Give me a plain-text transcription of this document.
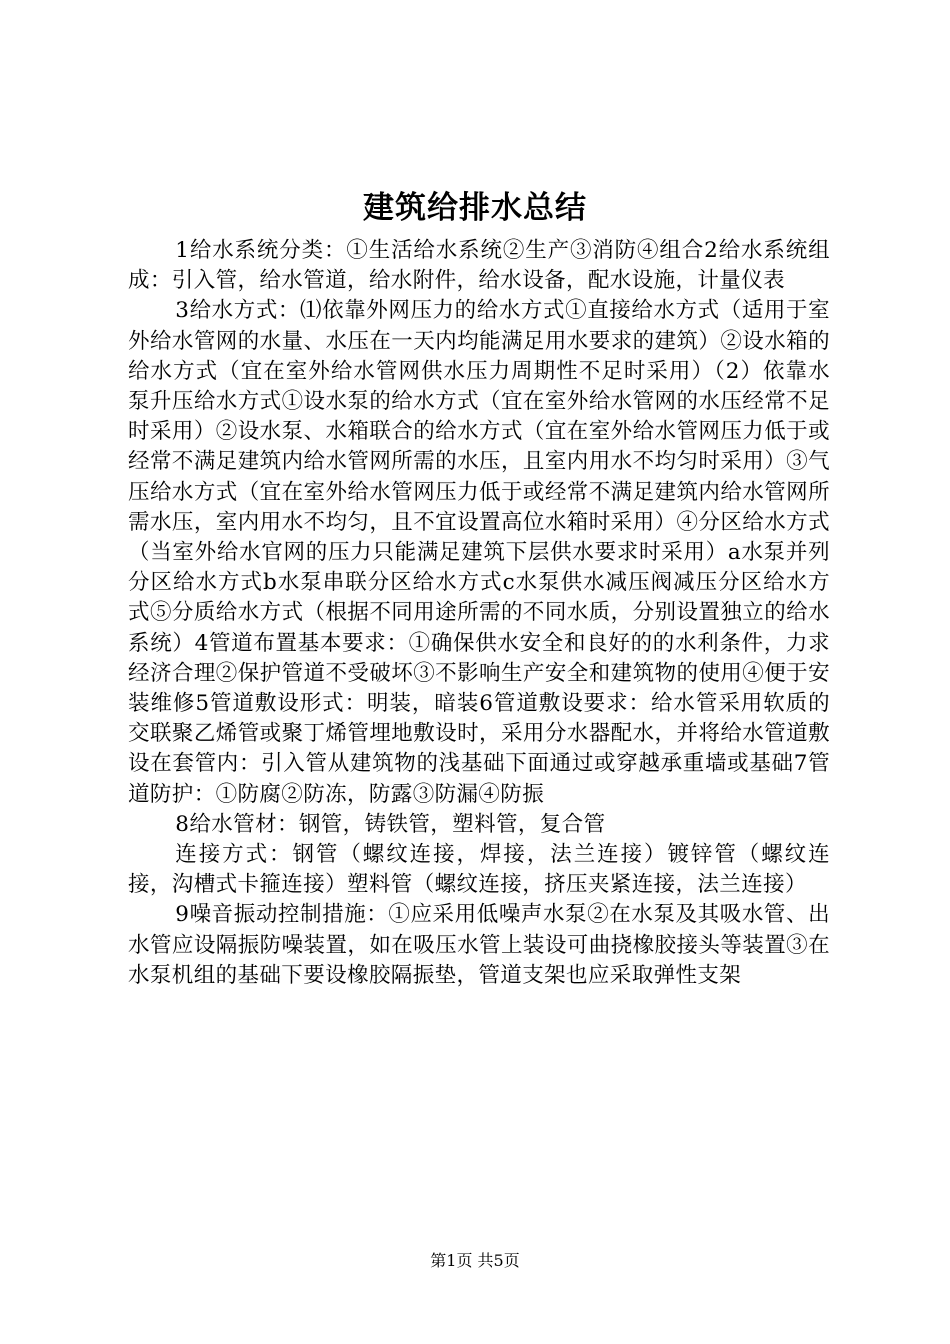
建筑给排水总结

1给水系统分类：①生活给水系统②生产③消防④组合2给水系统组成：引入管，给水管道，给水附件，给水设备，配水设施，计量仪表

3给水方式：⑴依靠外网压力的给水方式①直接给水方式（适用于室外给水管网的水量、水压在一天内均能满足用水要求的建筑）②设水箱的给水方式（宜在室外给水管网供水压力周期性不足时采用）（2）依靠水泵升压给水方式①设水泵的给水方式（宜在室外给水管网的水压经常不足时采用）②设水泵、水箱联合的给水方式（宜在室外给水管网压力低于或经常不满足建筑内给水管网所需的水压，且室内用水不均匀时采用）③气压给水方式（宜在室外给水管网压力低于或经常不满足建筑内给水管网所需水压，室内用水不均匀，且不宜设置高位水箱时采用）④分区给水方式（当室外给水官网的压力只能满足建筑下层供水要求时采用）a水泵并列分区给水方式b水泵串联分区给水方式c水泵供水减压阀减压分区给水方式⑤分质给水方式（根据不同用途所需的不同水质，分别设置独立的给水系统）4管道布置基本要求：①确保供水安全和良好的的水利条件，力求经济合理②保护管道不受破坏③不影响生产安全和建筑物的使用④便于安装维修5管道敷设形式：明装，暗装6管道敷设要求：给水管采用软质的交联聚乙烯管或聚丁烯管埋地敷设时，采用分水器配水，并将给水管道敷设在套管内：引入管从建筑物的浅基础下面通过或穿越承重墙或基础7管道防护：①防腐②防冻，防露③防漏④防振

8给水管材：钢管，铸铁管，塑料管，复合管

连接方式：钢管（螺纹连接，焊接，法兰连接）镀锌管（螺纹连接，沟槽式卡箍连接）塑料管（螺纹连接，挤压夹紧连接，法兰连接）

9噪音振动控制措施：①应采用低噪声水泵②在水泵及其吸水管、出水管应设隔振防噪装置，如在吸压水管上装设可曲挠橡胶接头等装置③在水泵机组的基础下要设橡胶隔振垫，管道支架也应采取弹性支架

第1页 共5页
